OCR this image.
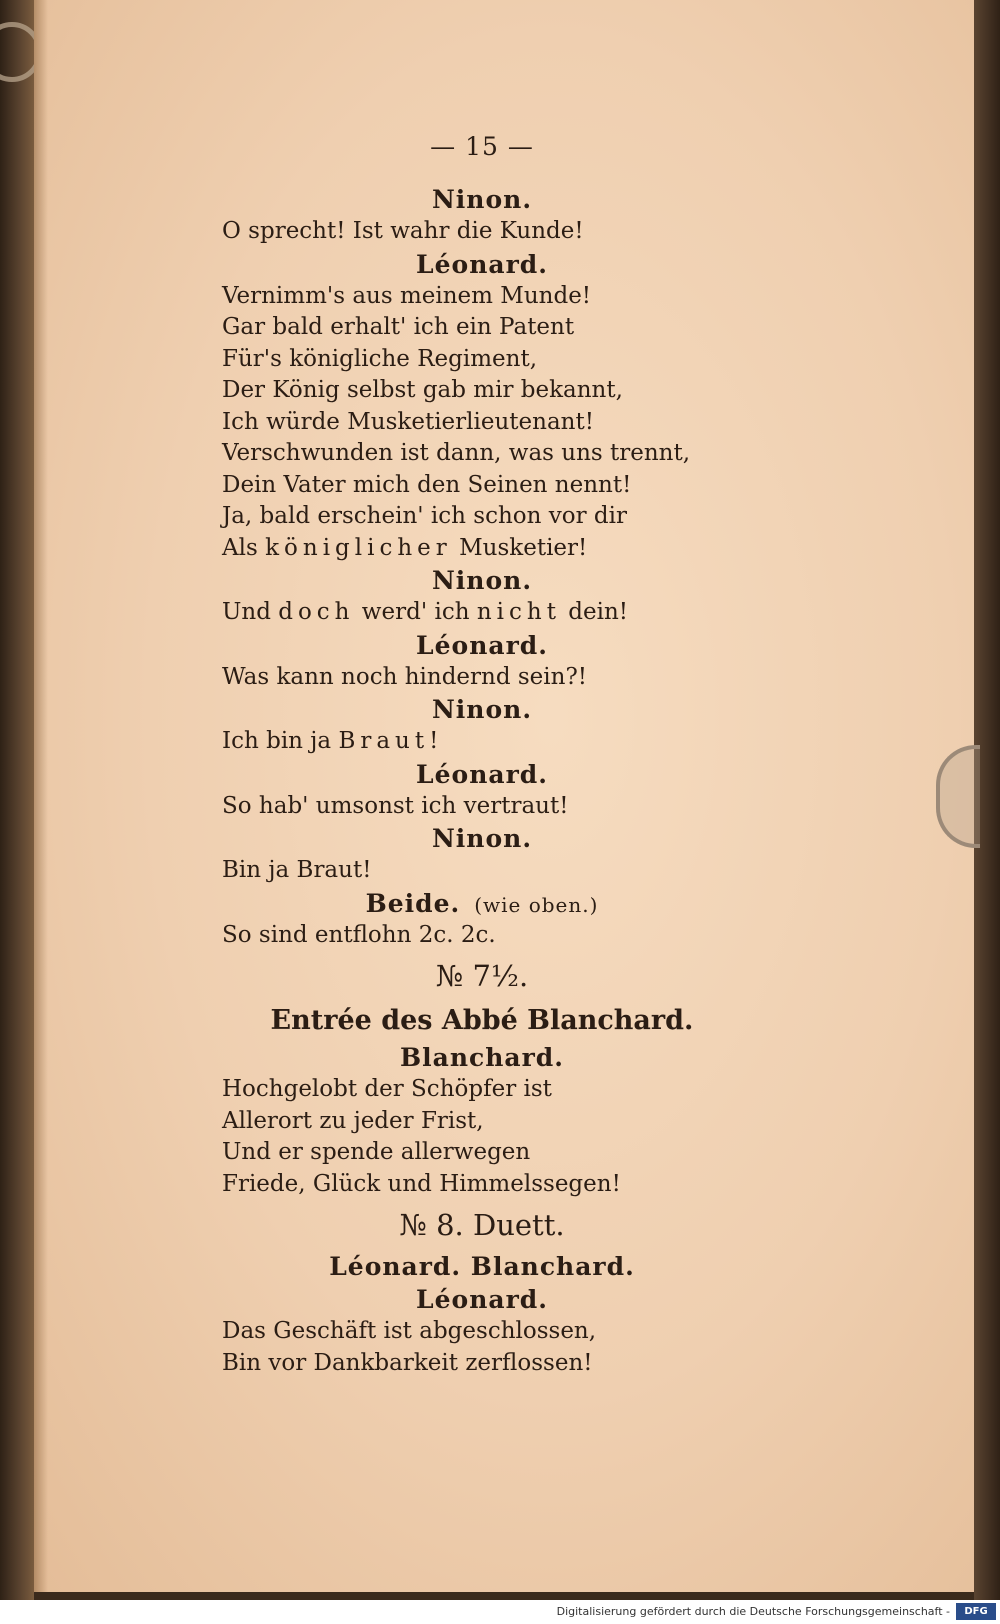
— 15 —
Ninon.
O sprecht! Ist wahr die Kunde!
Léonard.
Vernimm's aus meinem Munde!
Gar bald erhalt' ich ein Patent
Für's königliche Regiment,
Der König selbst gab mir bekannt,
Ich würde Musketierlieutenant!
Verschwunden ist dann, was uns trennt,
Dein Vater mich den Seinen nennt!
Ja, bald erschein' ich schon vor dir
Als königlicher Musketier!
Ninon.
Und doch werd' ich nicht dein!
Léonard.
Was kann noch hindernd sein?!
Ninon.
Ich bin ja Braut!
Léonard.
So hab' umsonst ich vertraut!
Ninon.
Bin ja Braut!
Beide. (wie oben.)
So sind entflohn 2c. 2c.
№ 7½.
Entrée des Abbé Blanchard.
Blanchard.
Hochgelobt der Schöpfer ist
Allerort zu jeder Frist,
Und er spende allerwegen
Friede, Glück und Himmelssegen!
№ 8. Duett.
Léonard. Blanchard.
Léonard.
Das Geschäft ist abgeschlossen,
Bin vor Dankbarkeit zerflossen!
Digitalisierung gefördert durch die Deutsche Forschungsgemeinschaft -	DFG
